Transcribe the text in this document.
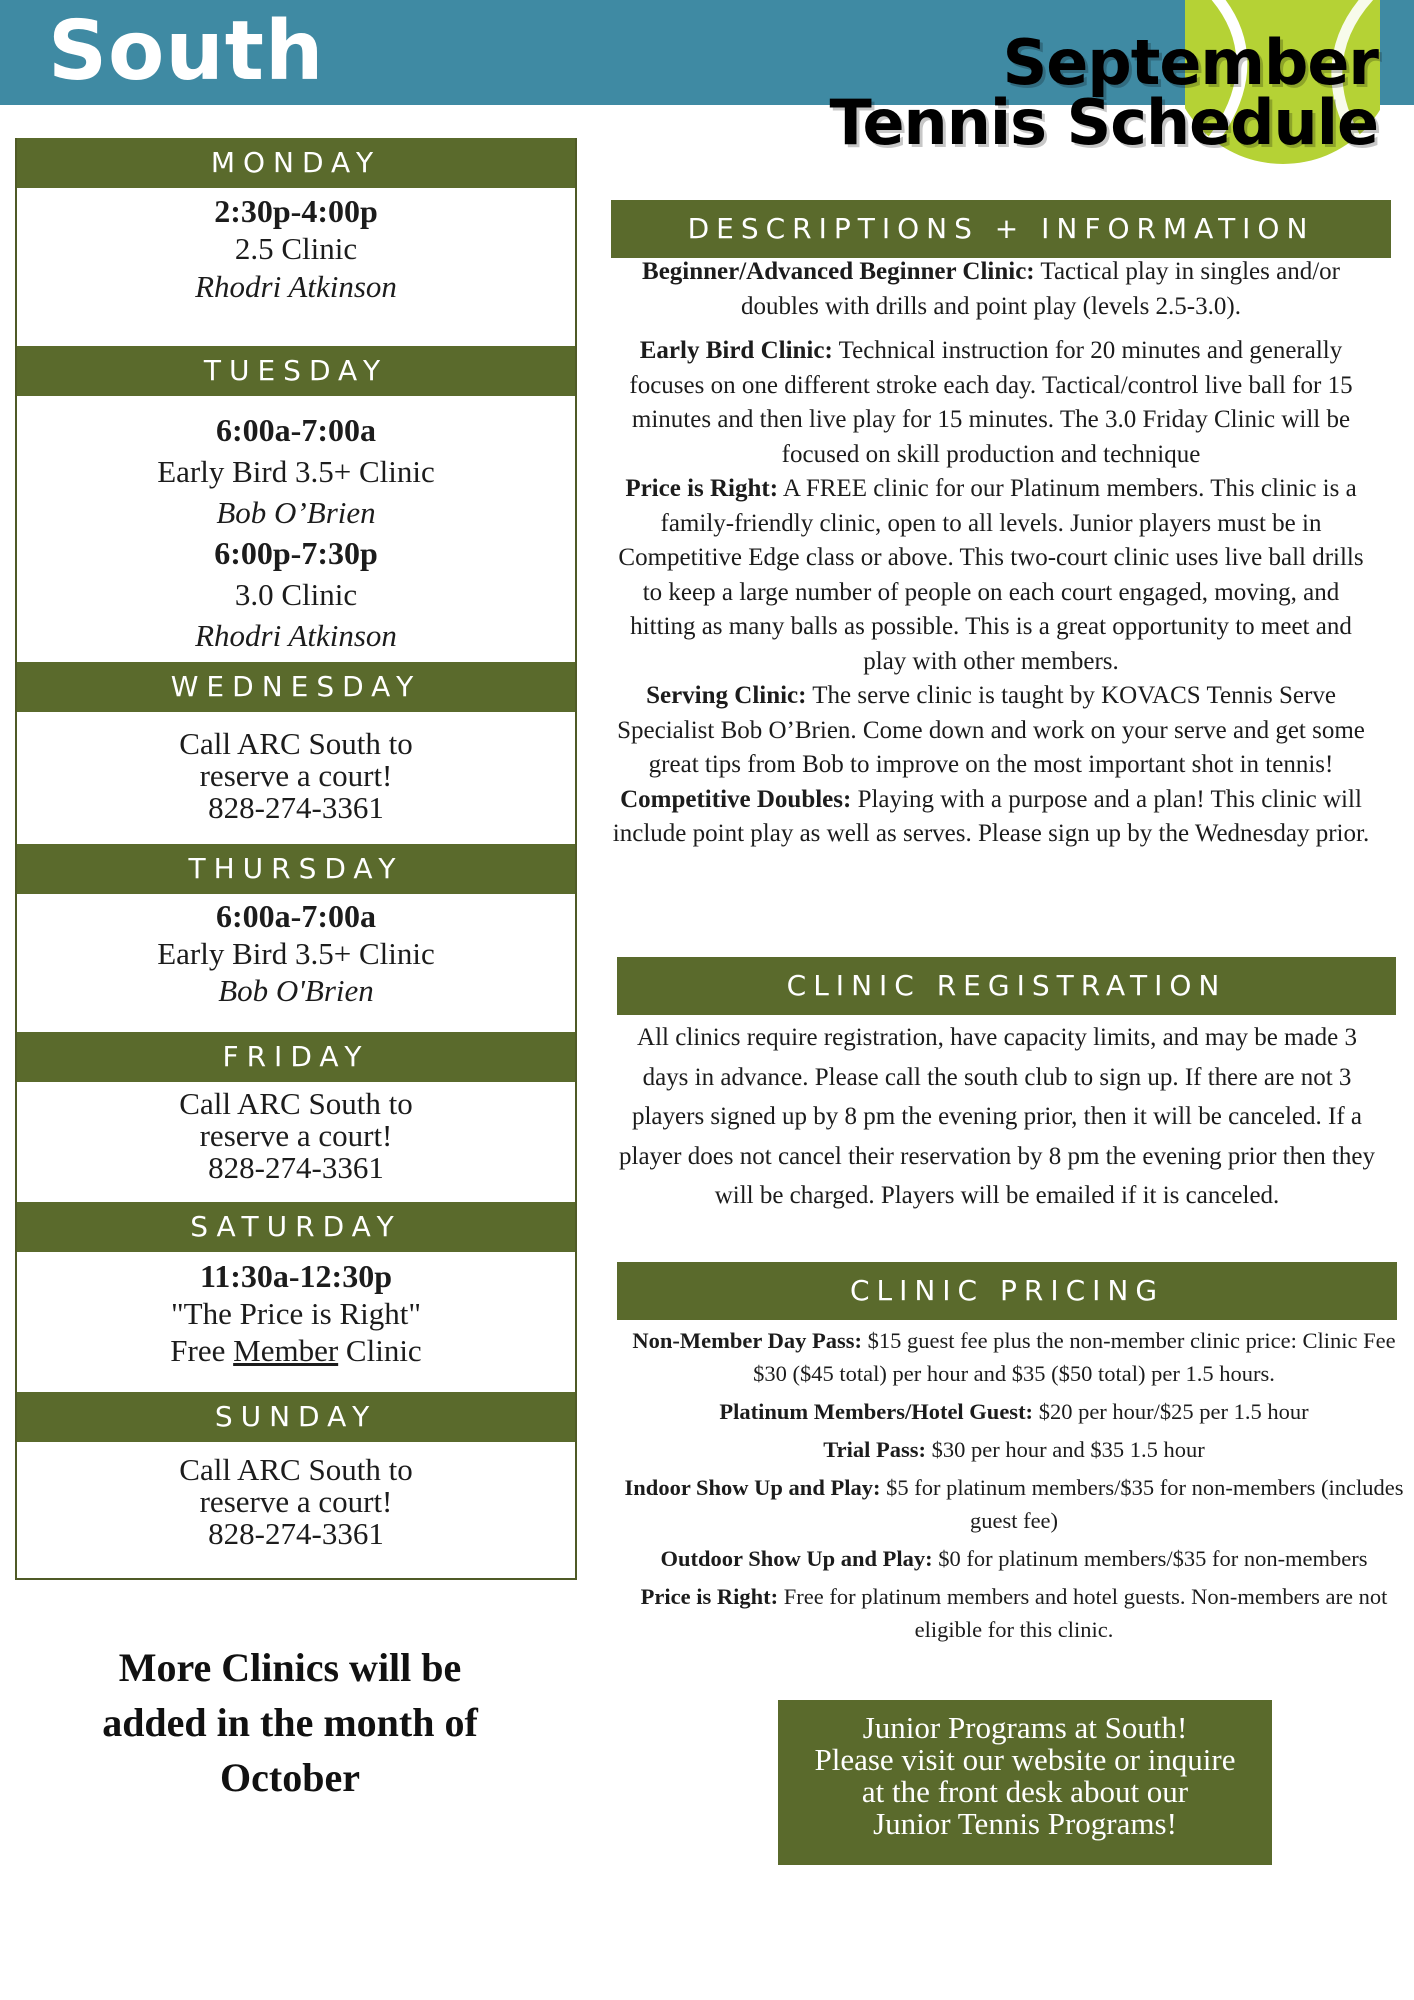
South	September
Tennis Schedule
MONDAY
2:30p-4:00p
2.5 Clinic
Rhodri Atkinson
TUESDAY
6:00a-7:00a
Early Bird 3.5+ Clinic
Bob O’Brien
6:00p-7:30p
3.0 Clinic
Rhodri Atkinson
WEDNESDAY
Call ARC South to
reserve a court!
828-274-3361
THURSDAY
6:00a-7:00a
Early Bird 3.5+ Clinic
Bob O'Brien
FRIDAY
Call ARC South to
reserve a court!
828-274-3361
SATURDAY
11:30a-12:30p
"The Price is Right"
Free Member Clinic
SUNDAY
Call ARC South to
reserve a court!
828-274-3361
More Clinics will be
added in the month of
October
DESCRIPTIONS + INFORMATION

Beginner/Advanced Beginner Clinic: Tactical play in singles and/or doubles with drills and point play (levels 2.5-3.0).

Early Bird Clinic: Technical instruction for 20 minutes and generally focuses on one different stroke each day. Tactical/control live ball for 15 minutes and then live play for 15 minutes. The 3.0 Friday Clinic will be focused on skill production and technique

Price is Right: A FREE clinic for our Platinum members. This clinic is a family-friendly clinic, open to all levels. Junior players must be in Competitive Edge class or above. This two-court clinic uses live ball drills to keep a large number of people on each court engaged, moving, and hitting as many balls as possible. This is a great opportunity to meet and play with other members.

Serving Clinic: The serve clinic is taught by KOVACS Tennis Serve Specialist Bob O’Brien. Come down and work on your serve and get some great tips from Bob to improve on the most important shot in tennis!

Competitive Doubles: Playing with a purpose and a plan! This clinic will include point play as well as serves. Please sign up by the Wednesday prior.

CLINIC REGISTRATION
All clinics require registration, have capacity limits, and may be made 3 days in advance. Please call the south club to sign up. If there are not 3 players signed up by 8 pm the evening prior, then it will be canceled. If a player does not cancel their reservation by 8 pm the evening prior then they will be charged. Players will be emailed if it is canceled.
CLINIC PRICING

Non-Member Day Pass: $15 guest fee plus the non-member clinic price: Clinic Fee $30 ($45 total) per hour and $35 ($50 total) per 1.5 hours.

Platinum Members/Hotel Guest: $20 per hour/$25 per 1.5 hour

Trial Pass: $30 per hour and $35 1.5 hour

Indoor Show Up and Play: $5 for platinum members/$35 for non-members (includes guest fee)

Outdoor Show Up and Play: $0 for platinum members/$35 for non-members

Price is Right: Free for platinum members and hotel guests. Non-members are not eligible for this clinic.

Junior Programs at South!
Please visit our website or inquire
at the front desk about our
Junior Tennis Programs!
